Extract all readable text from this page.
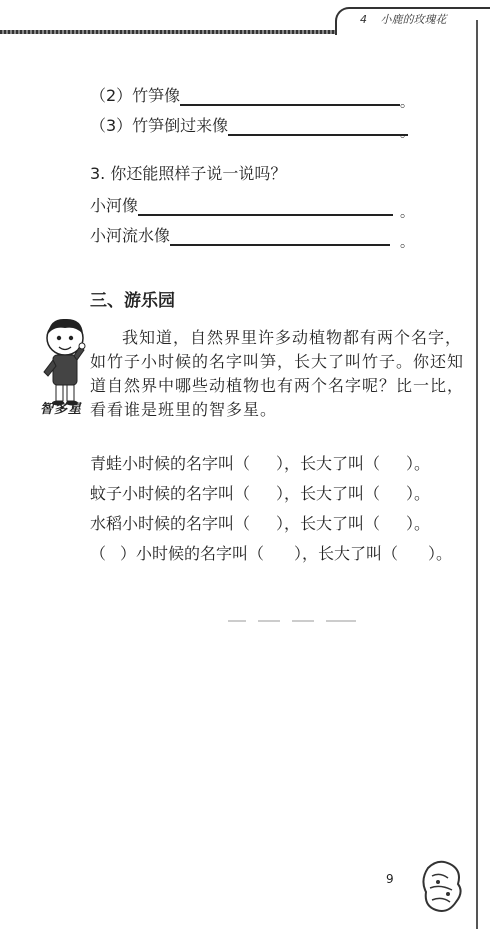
4 小鹿的玫瑰花
（2）竹笋像	。
（3）竹笋倒过来像	。
3. 你还能照样子说一说吗？
小河像	。
小河流水像	。
三、游乐园
智多星
我知道，自然界里许多动植物都有两个名字，如竹子小时候的名字叫笋，长大了叫竹子。你还知道自然界中哪些动植物也有两个名字呢？比一比，看看谁是班里的智多星。
青蛙小时候的名字叫（ ），长大了叫（ ）。
蚊子小时候的名字叫（ ），长大了叫（ ）。
水稻小时候的名字叫（ ），长大了叫（ ）。
（ ）小时候的名字叫（ ），长大了叫（ ）。
9
